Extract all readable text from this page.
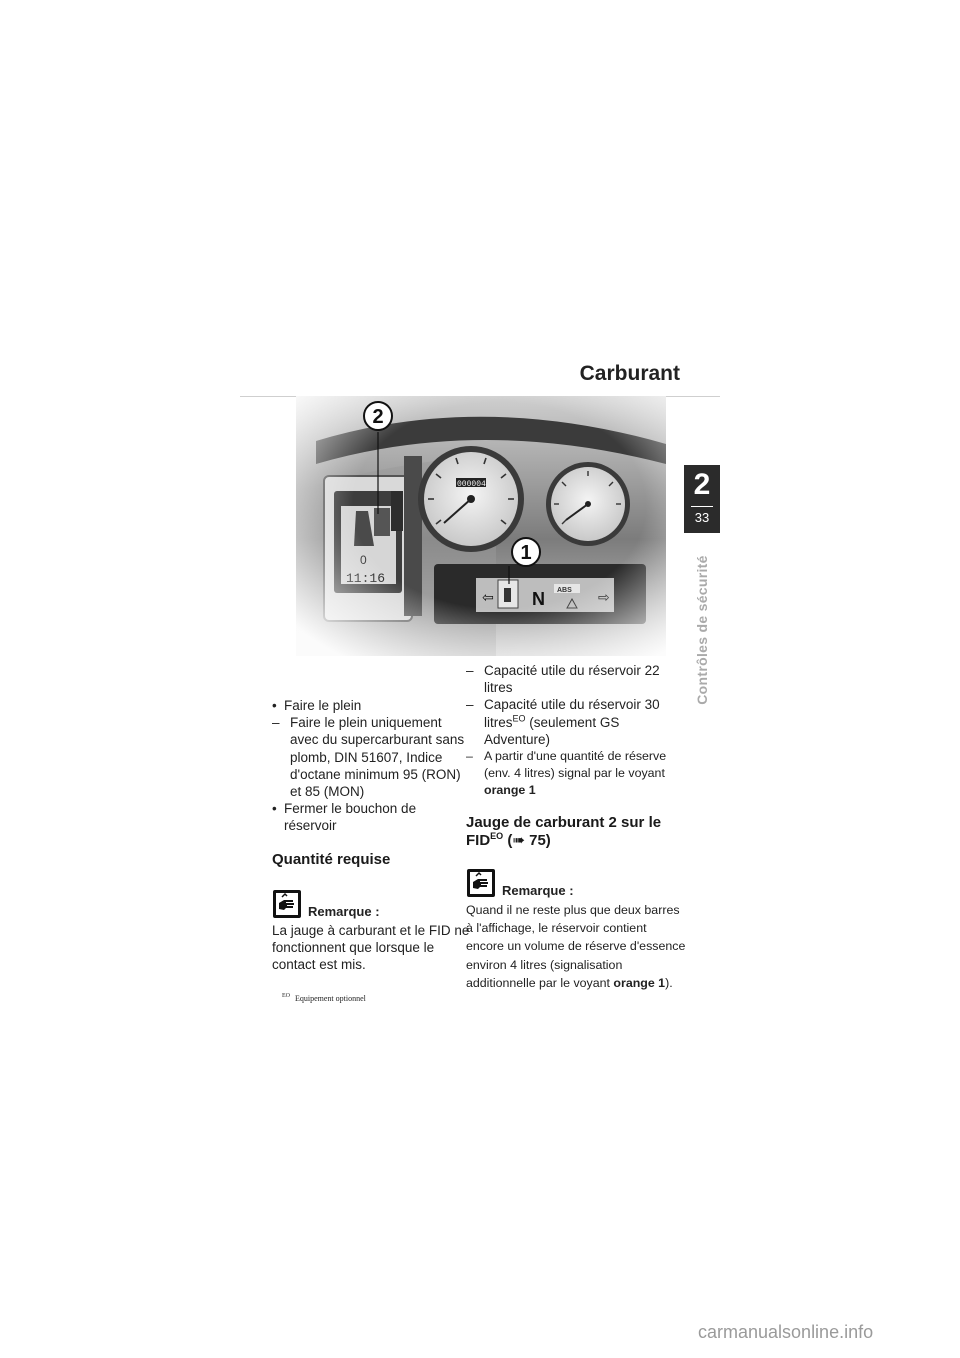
Carburant
2
33
Contrôles de sécurité
2
1
• Faire le plein
– Faire le plein uniquement avec du supercarburant sans plomb, DIN 51607, Indice d'octane minimum 95 (RON) et 85 (MON)
• Fermer le bouchon de réservoir
Quantité requise
Remarque :
La jauge à carburant et le FID ne fonctionnent que lorsque le contact est mis.
$^{EO}$ Equipement optionnel
– Capacité utile du réservoir 22 litres
– Capacité utile du réservoir 30 litres$^{EO}$ (seulement GS Adventure)
– A partir d'une quantité de réserve (env. 4 litres) signal par le voyant orange 1
Jauge de carburant 2 sur le $FID^{EO}$ (➠ 75)
Remarque :
Quand il ne reste plus que deux barres à l'affichage, le réservoir contient encore un volume de réserve d'essence environ 4 litres (signalisation additionnelle par le voyant orange 1).
carmanualsonline.info
